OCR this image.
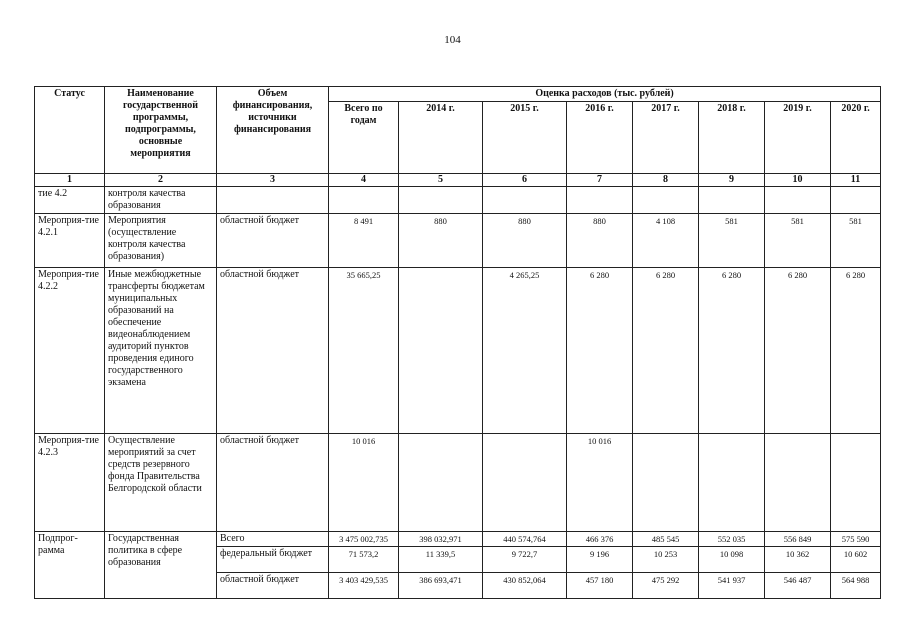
104
Статус	Наименование государственной программы, подпрограммы, основные мероприятия	Объем финансирования, источники финансирования	Оценка расходов (тыс. рублей)							
			Всего по годам	2014 г.	2015 г.	2016 г.	2017 г.	2018 г.	2019 г.	2020 г.
1	2	3	4	5	6	7	8	9	10	11
тие 4.2	контроля качества образования									
Мероприя-тие 4.2.1	Мероприятия (осуществление контроля качества образования)	областной бюджет	8 491	880	880	880	4 108	581	581	581
Мероприя-тие 4.2.2	Иные межбюджетные трансферты бюджетам муниципальных образований на обеспечение видеонаблюдением аудиторий пунктов проведения единого государственного экзамена	областной бюджет	35 665,25		4 265,25	6 280	6 280	6 280	6 280	6 280
Мероприя-тие 4.2.3	Осуществление мероприятий за счет средств резервного фонда Правительства Белгородской области	областной бюджет	10 016			10 016				
Подпрог-рамма	Государственная политика в сфере образования	Всего	3 475 002,735	398 032,971	440 574,764	466 376	485 545	552 035	556 849	575 590
		федеральный бюджет	71 573,2	11 339,5	9 722,7	9 196	10 253	10 098	10 362	10 602
		областной бюджет	3 403 429,535	386 693,471	430 852,064	457 180	475 292	541 937	546 487	564 988
